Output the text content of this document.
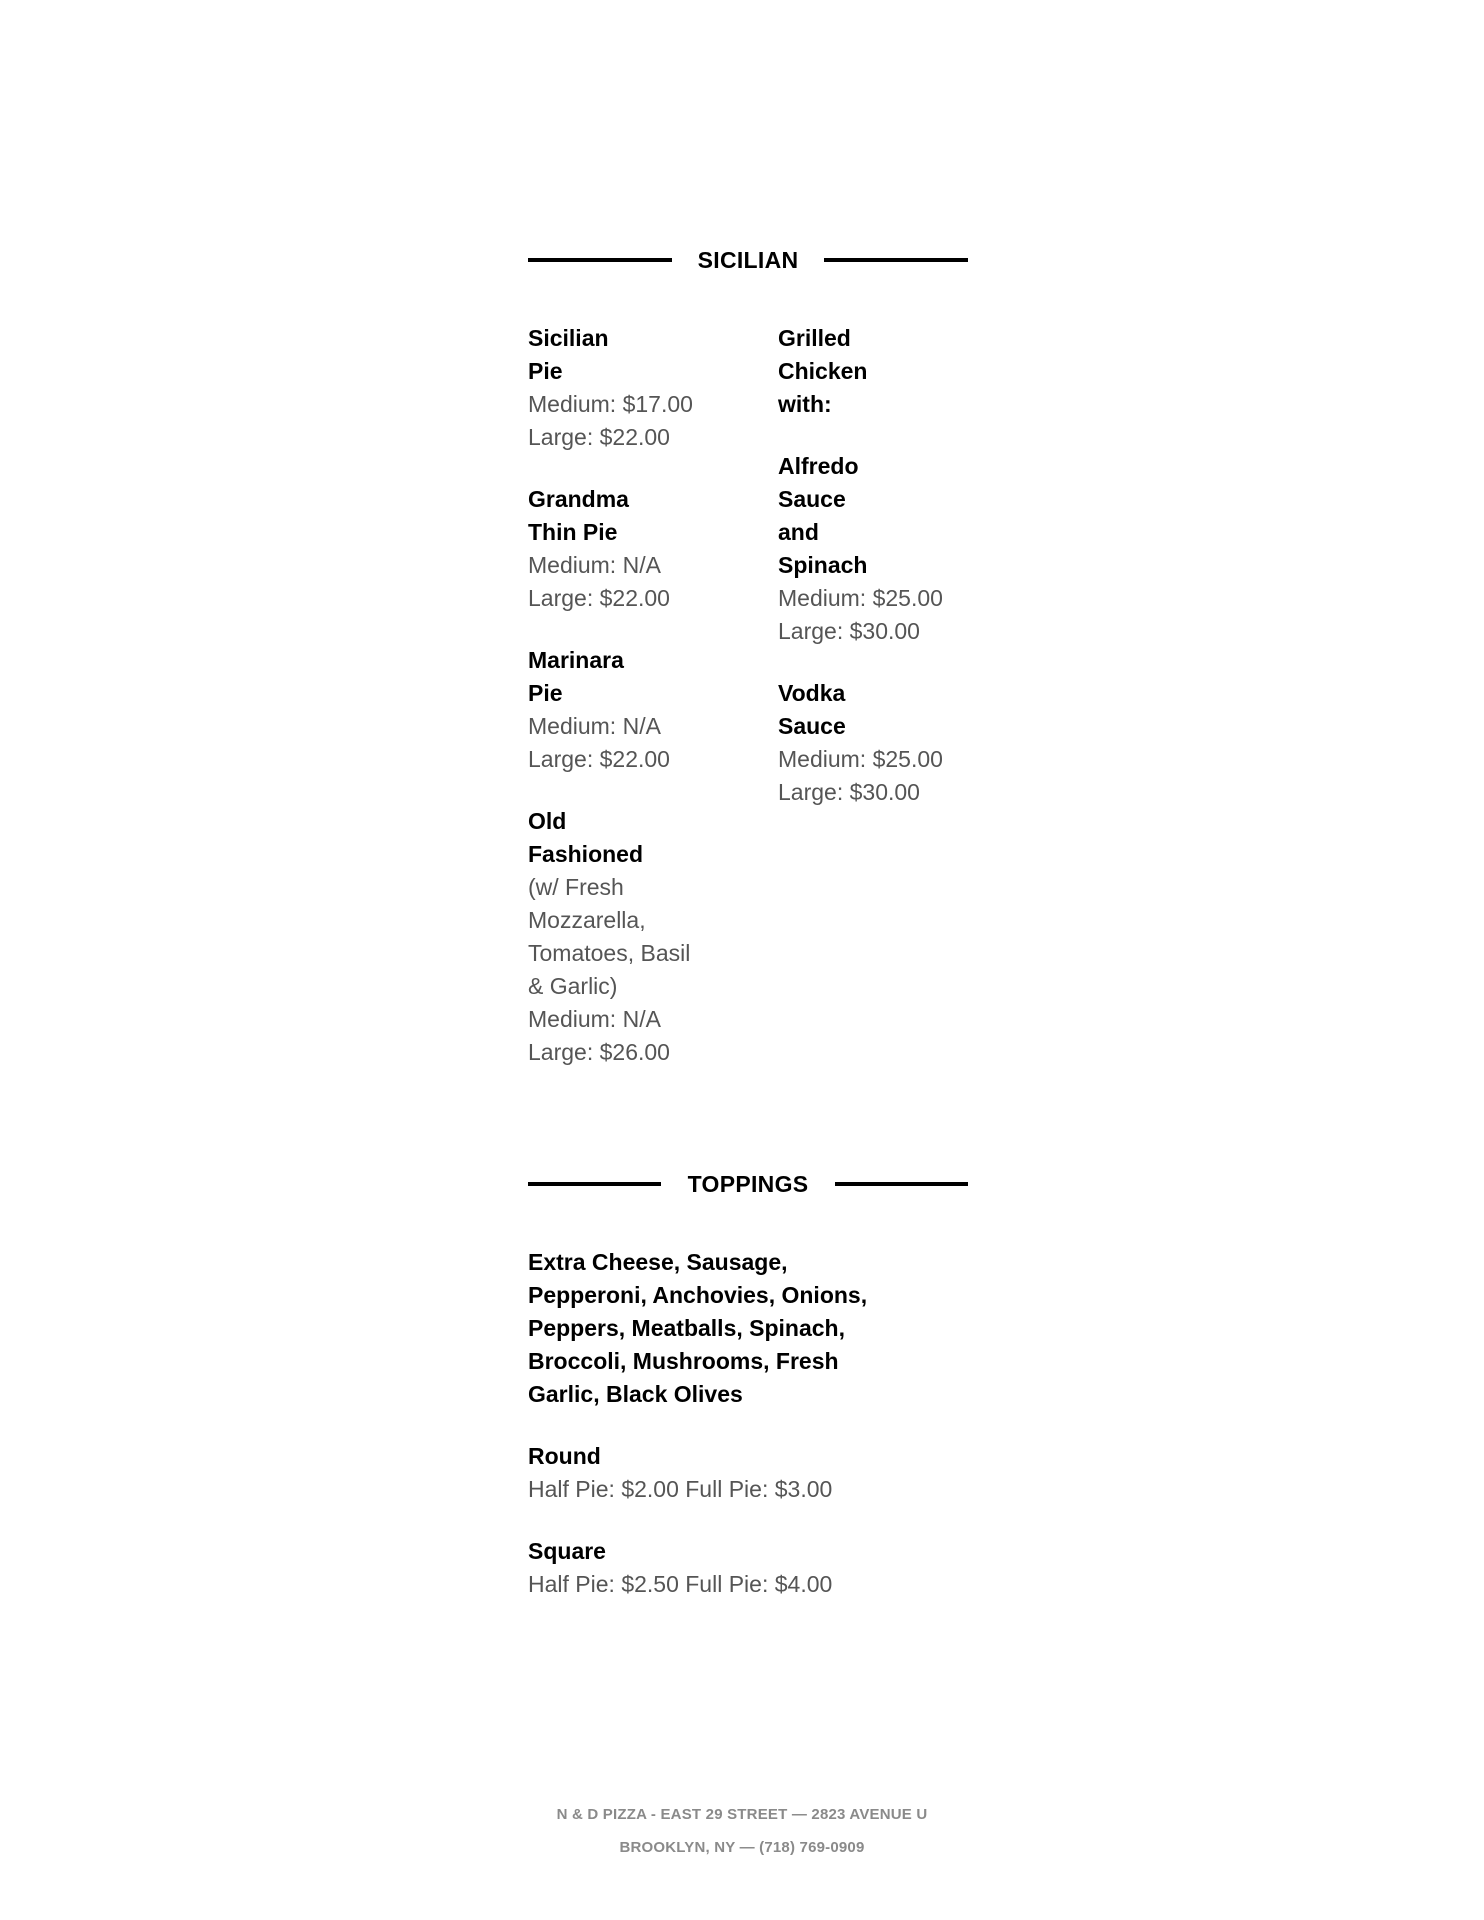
SICILIAN
Sicilian Pie
Medium: $17.00
Large: $22.00
Grandma Thin Pie
Medium: N/A
Large: $22.00
Marinara Pie
Medium: N/A
Large: $22.00
Old Fashioned
(w/ Fresh Mozzarella, Tomatoes, Basil & Garlic)
Medium: N/A
Large: $26.00
Grilled Chicken with:
Alfredo Sauce and Spinach
Medium: $25.00
Large: $30.00
Vodka Sauce
Medium: $25.00
Large: $30.00
TOPPINGS
Extra Cheese, Sausage, Pepperoni, Anchovies, Onions, Peppers, Meatballs, Spinach, Broccoli, Mushrooms, Fresh Garlic, Black Olives
Round
Half Pie: $2.00 Full Pie: $3.00
Square
Half Pie: $2.50 Full Pie: $4.00
N & D PIZZA - EAST 29 STREET — 2823 AVENUE U
BROOKLYN, NY — (718) 769-0909
